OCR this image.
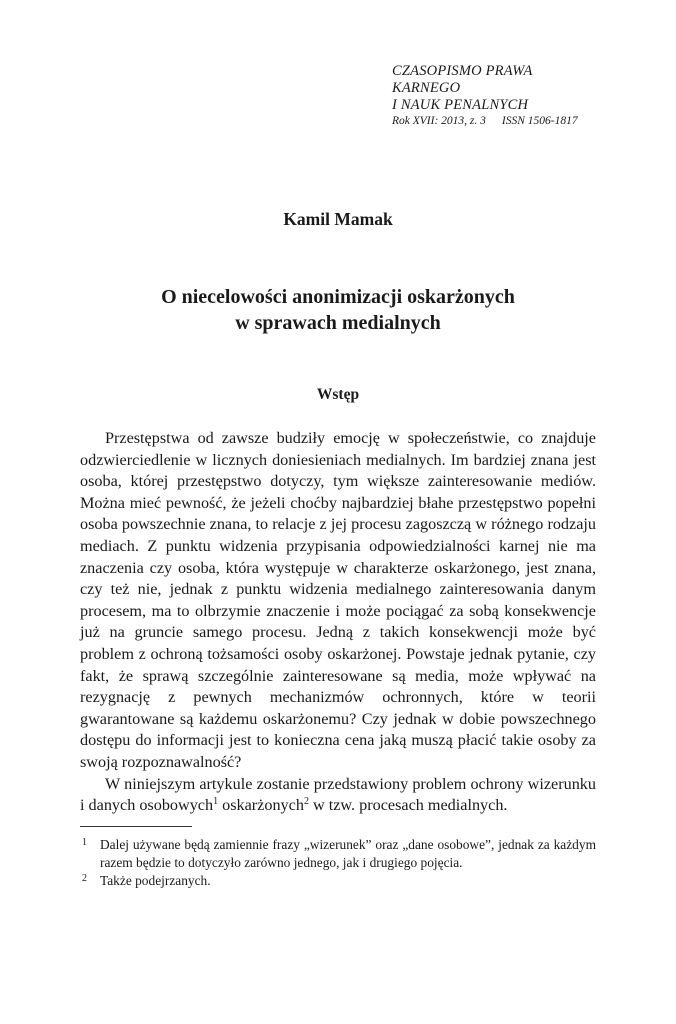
CZASOPISMO PRAWA KARNEGO
I NAUK PENALNYCH
Rok XVII: 2013, z. 3 ISSN 1506-1817
Kamil Mamak
O niecelowości anonimizacji oskarżonych
w sprawach medialnych
Wstęp

Przestępstwa od zawsze budziły emocję w społeczeństwie, co znajduje odzwierciedlenie w licznych doniesieniach medialnych. Im bardziej znana jest osoba, której przestępstwo dotyczy, tym większe zainteresowanie mediów. Można mieć pewność, że jeżeli choćby najbardziej błahe przestępstwo popełni osoba powszechnie znana, to relacje z jej procesu zagoszczą w różnego rodzaju mediach. Z punktu widzenia przypisania odpowiedzialności karnej nie ma znaczenia czy osoba, która występuje w charakterze oskarżonego, jest znana, czy też nie, jednak z punktu widzenia medialnego zainteresowania danym procesem, ma to olbrzymie znaczenie i może pociągać za sobą konsekwencje już na gruncie samego procesu. Jedną z takich konsekwencji może być problem z ochroną tożsamości osoby oskarżonej. Powstaje jednak pytanie, czy fakt, że sprawą szczególnie zainteresowane są media, może wpływać na rezygnację z pewnych mechanizmów ochronnych, które w teorii gwarantowane są każdemu oskarżonemu? Czy jednak w dobie powszechnego dostępu do informacji jest to konieczna cena jaką muszą płacić takie osoby za swoją rozpoznawalność?

W niniejszym artykule zostanie przedstawiony problem ochrony wizerunku i danych osobowych$^1$ oskarżonych$^2$ w tzw. procesach medialnych.

1 Dalej używane będą zamiennie frazy „wizerunek” oraz „dane osobowe”, jednak za każdym razem będzie to dotyczyło zarówno jednego, jak i drugiego pojęcia.
2 Także podejrzanych.
